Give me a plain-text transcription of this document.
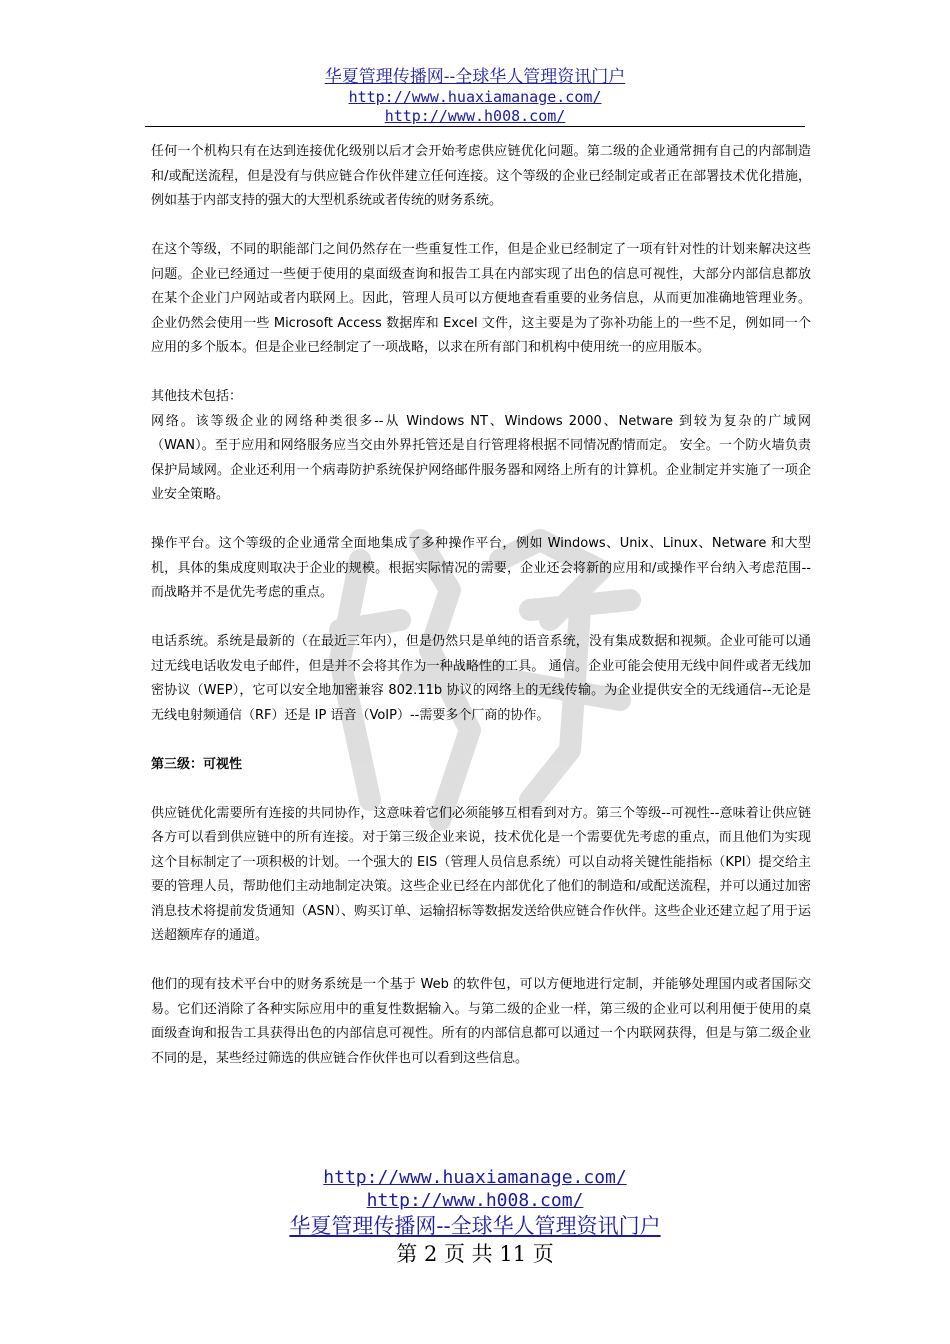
华夏管理传播网--全球华人管理资讯门户
http://www.huaxiamanage.com/
http://www.h008.com/

任何一个机构只有在达到连接优化级别以后才会开始考虑供应链优化问题。第二级的企业通常拥有自己的内部制造和/或配送流程，但是没有与供应链合作伙伴建立任何连接。这个等级的企业已经制定或者正在部署技术优化措施，例如基于内部支持的强大的大型机系统或者传统的财务系统。

在这个等级，不同的职能部门之间仍然存在一些重复性工作，但是企业已经制定了一项有针对性的计划来解决这些问题。企业已经通过一些便于使用的桌面级查询和报告工具在内部实现了出色的信息可视性，大部分内部信息都放在某个企业门户网站或者内联网上。因此，管理人员可以方便地查看重要的业务信息，从而更加准确地管理业务。企业仍然会使用一些 Microsoft Access 数据库和 Excel 文件，这主要是为了弥补功能上的一些不足，例如同一个应用的多个版本。但是企业已经制定了一项战略，以求在所有部门和机构中使用统一的应用版本。

其他技术包括：

网络。该等级企业的网络种类很多--从 Windows NT、Windows 2000、Netware 到较为复杂的广域网（WAN）。至于应用和网络服务应当交由外界托管还是自行管理将根据不同情况酌情而定。 安全。一个防火墙负责保护局域网。企业还利用一个病毒防护系统保护网络邮件服务器和网络上所有的计算机。企业制定并实施了一项企业安全策略。

操作平台。这个等级的企业通常全面地集成了多种操作平台，例如 Windows、Unix、Linux、Netware 和大型机，具体的集成度则取决于企业的规模。根据实际情况的需要，企业还会将新的应用和/或操作平台纳入考虑范围--而战略并不是优先考虑的重点。

电话系统。系统是最新的（在最近三年内），但是仍然只是单纯的语音系统，没有集成数据和视频。企业可能可以通过无线电话收发电子邮件，但是并不会将其作为一种战略性的工具。 通信。企业可能会使用无线中间件或者无线加密协议（WEP），它可以安全地加密兼容 802.11b 协议的网络上的无线传输。为企业提供安全的无线通信--无论是无线电射频通信（RF）还是 IP 语音（VoIP）--需要多个厂商的协作。

第三级：可视性

供应链优化需要所有连接的共同协作，这意味着它们必须能够互相看到对方。第三个等级--可视性--意味着让供应链各方可以看到供应链中的所有连接。对于第三级企业来说，技术优化是一个需要优先考虑的重点，而且他们为实现这个目标制定了一项积极的计划。一个强大的 EIS（管理人员信息系统）可以自动将关键性能指标（KPI）提交给主要的管理人员，帮助他们主动地制定决策。这些企业已经在内部优化了他们的制造和/或配送流程，并可以通过加密消息技术将提前发货通知（ASN）、购买订单、运输招标等数据发送给供应链合作伙伴。这些企业还建立起了用于运送超额库存的通道。

他们的现有技术平台中的财务系统是一个基于 Web 的软件包，可以方便地进行定制，并能够处理国内或者国际交易。它们还消除了各种实际应用中的重复性数据输入。与第二级的企业一样，第三级的企业可以利用便于使用的桌面级查询和报告工具获得出色的内部信息可视性。所有的内部信息都可以通过一个内联网获得，但是与第二级企业不同的是，某些经过筛选的供应链合作伙伴也可以看到这些信息。

http://www.huaxiamanage.com/
http://www.h008.com/
华夏管理传播网--全球华人管理资讯门户
第 2 页 共 11 页
